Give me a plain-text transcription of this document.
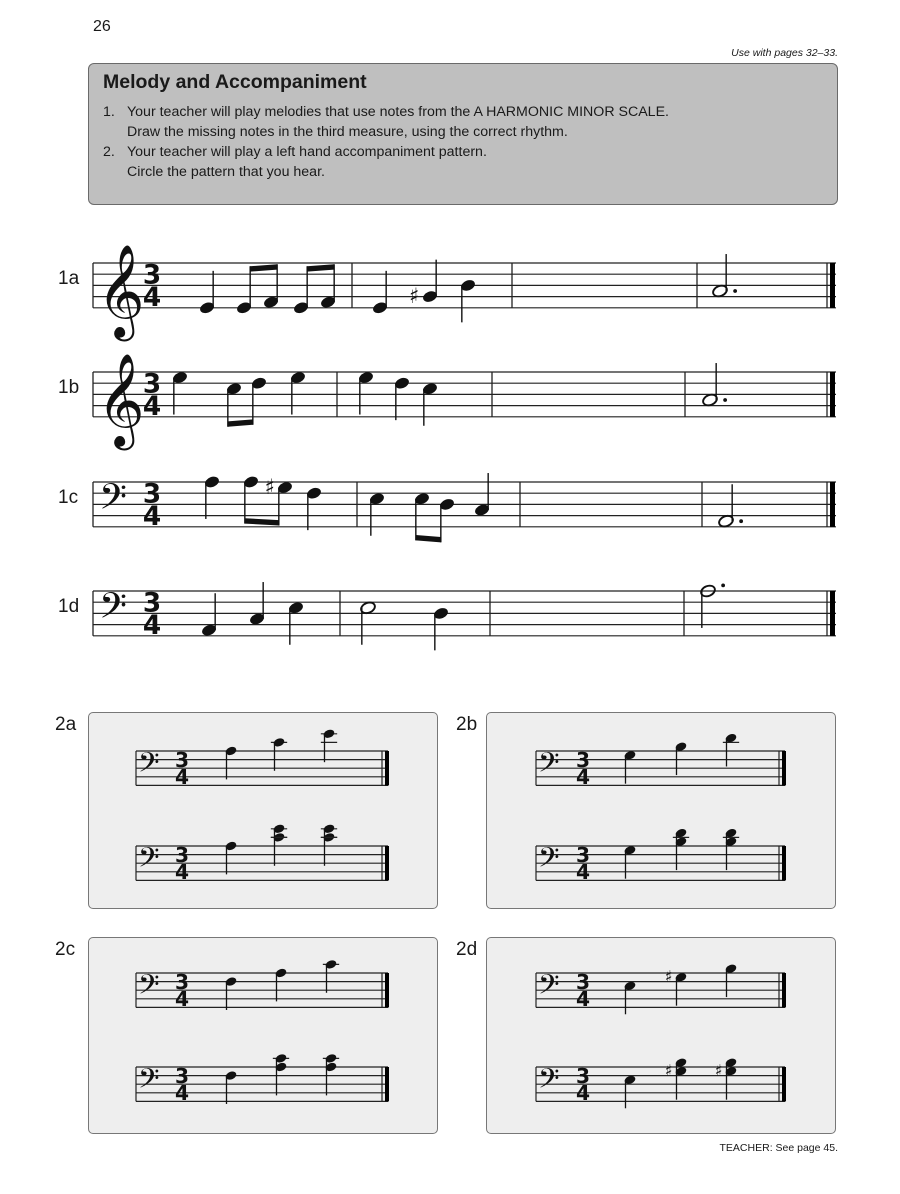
26
Use with pages 32–33.
Melody and Accompaniment
1. Your teacher will play melodies that use notes from the A HARMONIC MINOR SCALE.
Draw the missing notes in the third measure, using the correct rhythm.
2. Your teacher will play a left hand accompaniment pattern.
Circle the pattern that you hear.
1a
1b
1c
1d
2a	2b
2c	2d
𝄞
3
4	♯
𝄞
3
4
𝄢 3
4
♯
𝄢 3
4
𝄢 3
4
𝄢 3
4
𝄢 3
4
𝄢 3
4
𝄢 3
4
𝄢 3
4
𝄢 3
4
♯
𝄢 3
4
♯	♯
TEACHER: See page 45.
